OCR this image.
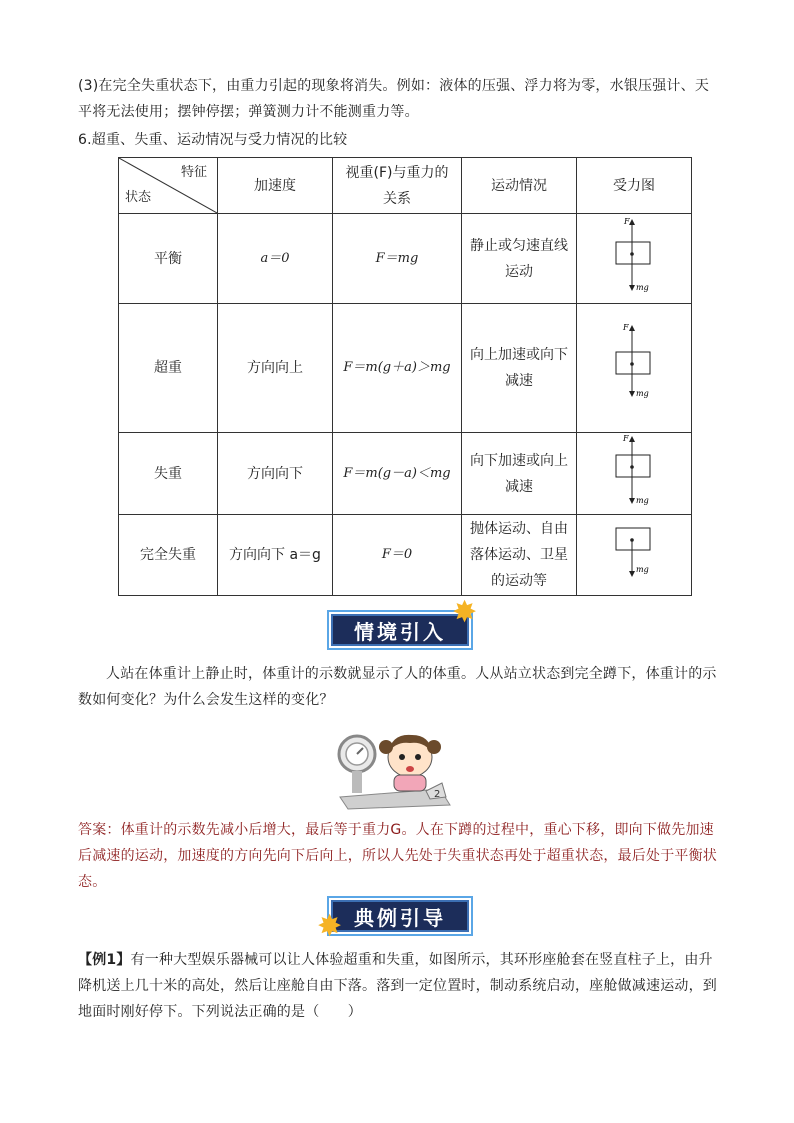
(3)在完全失重状态下，由重力引起的现象将消失。例如：液体的压强、浮力将为零，水银压强计、天平将无法使用；摆钟停摆；弹簧测力计不能测重力等。
6.超重、失重、运动情况与受力情况的比较
特征
状态	加速度	视重(F)与重力的关系	运动情况	受力图
平衡	a＝0	F＝mg	静止或匀速直线运动	F
mg

超重	方向向上	F＝m(g＋a)＞mg	向上加速或向下减速	F
mg

失重	方向向下	F＝m(g－a)＜mg	向下加速或向上减速	F
mg

完全失重	方向向下 a＝g	F＝0	抛体运动、自由落体运动、卫星的运动等	mg
情境引入
✸
人站在体重计上静止时，体重计的示数就显示了人的体重。人从站立状态到完全蹲下，体重计的示数如何变化？为什么会发生这样的变化？
2
答案：体重计的示数先减小后增大，最后等于重力G。人在下蹲的过程中，重心下移，即向下做先加速后减速的运动，加速度的方向先向下后向上，所以人先处于失重状态再处于超重状态，最后处于平衡状态。
典例引导
✸
【例1】有一种大型娱乐器械可以让人体验超重和失重，如图所示，其环形座舱套在竖直柱子上，由升降机送上几十米的高处，然后让座舱自由下落。落到一定位置时，制动系统启动，座舱做减速运动，到地面时刚好停下。下列说法正确的是（　　）
